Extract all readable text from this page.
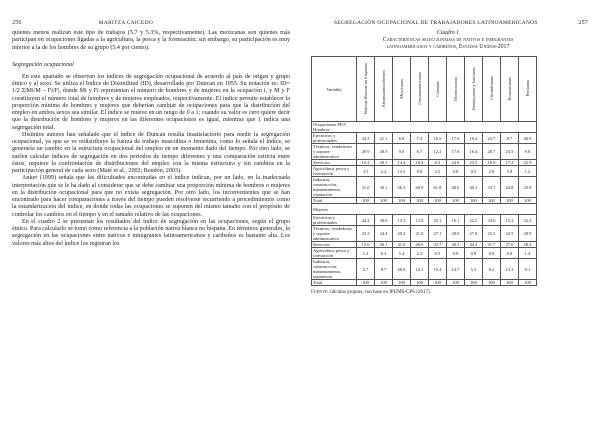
256	MARITZA CAICEDO

quienes menos realizan este tipo de trabajos (5.7 y 5.3%, respectivamente). Las mexicanas son quienes más participan en ocupaciones ligadas a la agricultura, la pesca y la forestación; sin embargo, su participación es muy inferior a la de los hombres de su grupo (5.4 por ciento).

Segregación ocupacional

En este apartado se observan los índices de segregación ocupacional de acuerdo al país de origen y grupo étnico y al sexo. Se utiliza el Índice de Disimilitud (ID), desarrollado por Duncan en 1955. Su notación es: ID= 1/2 Σ|Mi/M – Fi/F|, donde Mi y Fi representan el número de hombres y de mujeres en la ocupación i, y M y F constituyen el número total de hombres y de mujeres empleados, respectivamente. El índice permite establecer la proporción mínima de hombres y mujeres que deberían cambiar de ocupaciones para que la distribución del empleo en ambos sexos sea similar. El índice se mueve en un rango de 0 a 1; cuando su valor es cero quiere decir que la distribución de hombres y mujeres en las diferentes ocupaciones es igual, mientras que 1 indica una segregación total.

Distintos autores han señalado que el índice de Duncan resulta insatisfactorio para medir la segregación ocupacional, ya que se ve redistribuye la fuerza de trabajo masculina o femenina, como lo señala el índice, se generaría un cambio en la estructura ocupacional del empleo en un momento dado del tiempo. Por otro lado, se suelen calcular índices de segregación en dos periodos de tiempo diferentes y una comparación estricta entre éstos, requiere la confrontación de distribuciones del empleo con la misma estructura y sin cambios en la participación general de cada sexo (Maté et al., 2002; Rendón, 2003).

Anker (1999) señala que las dificultades encontradas en el índice indican, por un lado, en la inadecuada interpretación que se le ha dado al considerar que se debe cambiar una proporción mínima de hombres o mujeres en la distribución ocupacional para que no exista segregación. Por otro lado, los inconvenientes que se han encontrado para hacer comparaciones a través del tiempo pueden resolverse recurriendo a procedimientos como la estandarización del índice, en donde todas las ocupaciones se suponen del mismo tamaño con el propósito de controlar los cambios en el tiempo y en el tamaño relativo de las ocupaciones.

En el cuadro 2 se presentan los resultados del índice de segregación en las ocupaciones, según el grupo étnico. Para calcularlo se tomó como referencia a la población nativa blanca no hispana. En términos generales, la segregación en las ocupaciones entre nativos e inmigrantes latinoamericanos y caribeños es bastante alta. Los valores más altos del índice los registran los

SEGREGACIÓN OCUPACIONAL DE TRABAJADORES LATINOAMERICANOS	257
Cuadro 1
Características seleccionadas de nativos e inmigrantes
latinoamericanos y caribeños, Estados Unidos-2017
Variable	Nativos blancos no hispanos	Afroestadounidenses	Mexicanos	Centroamericanos	Cubanos	Dominicanos	Jamaiquinos y haitianos	Colombianos	Ecuatorianos	Peruanos
Ocupaciones PEA Hombres										
Ejecutivos y profesionales	34.3	21.1	6.8	7.3	16.9	17.0	19.4	23.7	8.7	40.9
Técnicos, vendedores y soporte administrativo	20.9	20.5	9.0	6.7	12.2	17.6	16.4	20.7	23.5	9.0
Servicios	10.2	20.1	14.4	16.4	6.5	24.8	23.5	18.9	17.2	22.9
Agricultura, pesca y forestación	3.5	2.2	13.5	8.8	2.5	0.0	0.5	2.9	5.8	1.2
Industria, construcción, mantenimiento, reparación	31.0	36.1	56.3	60.8	61.8	40.6	40.1	33.7	44.8	25.9
Total	100	100	100	100	100	100	100	100	100	100
Mujeres										
Ejecutivas y profesionales	44.2	30.6	13.3	13.0	25.1	16.1	22.5	34.0	15.2	32.2
Técnicas, vendedoras y soporte administrativo	33.3	34.4	20.2	21.0	27.1	28.0	27.0	25.3	34.5	28.9
Servicios	15.6	26.1	41.0	49.6	33.7	40.3	44.4	31.7	37.0	28.2
Agricultura, pesca y forestación	1.2	0.2	5.4	2.2	0.5	0.9	0.8	0.9	0.0	1.4
Industria, construcción, mantenimiento, reparación	5.7	8.7	20.0	14.1	15.4	14.7	5.3	8.2	13.3	9.1
Total	100	100	100	100	100	100	100	100	100	100
Fuente: cálculos propios, con base en IPUMS-CPS (2017).
